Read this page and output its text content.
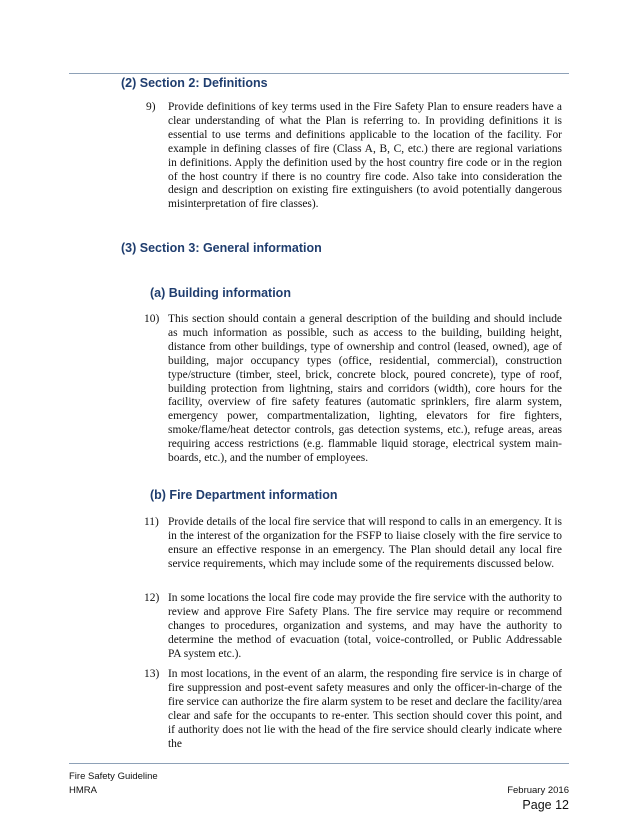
(2) Section 2: Definitions
9) Provide definitions of key terms used in the Fire Safety Plan to ensure readers have a clear understanding of what the Plan is referring to. In providing definitions it is essential to use terms and definitions applicable to the location of the facility. For example in defining classes of fire (Class A, B, C, etc.) there are regional variations in definitions. Apply the definition used by the host country fire code or in the region of the host country if there is no country fire code. Also take into consideration the design and description on existing fire extinguishers (to avoid potentially dangerous misinterpretation of fire classes).
(3) Section 3: General information
(a) Building information
10) This section should contain a general description of the building and should include as much information as possible, such as access to the building, building height, distance from other buildings, type of ownership and control (leased, owned), age of building, major occupancy types (office, residential, commercial), construction type/structure (timber, steel, brick, concrete block, poured concrete), type of roof, building protection from lightning, stairs and corridors (width), core hours for the facility, overview of fire safety features (automatic sprinklers, fire alarm system, emergency power, compartmentalization, lighting, elevators for fire fighters, smoke/flame/heat detector controls, gas detection systems, etc.), refuge areas, areas requiring access restrictions (e.g. flammable liquid storage, electrical system main- boards, etc.), and the number of employees.
(b) Fire Department information
11) Provide details of the local fire service that will respond to calls in an emergency. It is in the interest of the organization for the FSFP to liaise closely with the fire service to ensure an effective response in an emergency. The Plan should detail any local fire service requirements, which may include some of the requirements discussed below.
12) In some locations the local fire code may provide the fire service with the authority to review and approve Fire Safety Plans. The fire service may require or recommend changes to procedures, organization and systems, and may have the authority to determine the method of evacuation (total, voice-controlled, or Public Addressable PA system etc.).
13) In most locations, in the event of an alarm, the responding fire service is in charge of fire suppression and post-event safety measures and only the officer-in-charge of the fire service can authorize the fire alarm system to be reset and declare the facility/area clear and safe for the occupants to re-enter. This section should cover this point, and if authority does not lie with the head of the fire service should clearly indicate where the
Fire Safety Guideline
HMRA	February 2016
Page 12
